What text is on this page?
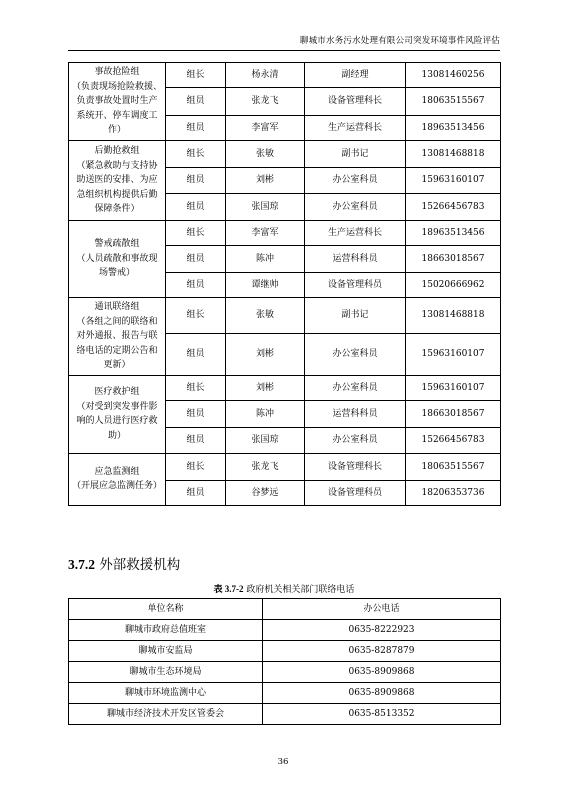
聊城市水务污水处理有限公司突发环境事件风险评估
事故抢险组
（负责现场抢险救援、
负责事故处置时生产
系统开、停车调度工
作）	组长	杨永清	副经理	13081460256
	组员	张龙飞	设备管理科长	18063515567
	组员	李富军	生产运营科长	18963513456

后勤抢救组
（紧急救助与支持协
助送医的安排、为应
急组织机构提供后勤
保障条件）	组长	张敏	副书记	13081468818
	组员	刘彬	办公室科员	15963160107
	组员	张国琼	办公室科员	15266456783

警戒疏散组
（人员疏散和事故现
场警戒）	组长	李富军	生产运营科长	18963513456
	组员	陈冲	运营科科员	18663018567
	组员	谭继帅	设备管理科员	15020666962

通讯联络组
（各组之间的联络和
对外通报、报告与联
络电话的定期公告和
更新）	组长	张敏	副书记	13081468818
	组员	刘彬	办公室科员	15963160107

医疗救护组
（对受到突发事件影
响的人员进行医疗救
助）	组长	刘彬	办公室科员	15963160107
	组员	陈冲	运营科科员	18663018567
	组员	张国琼	办公室科员	15266456783

应急监测组
（开展应急监测任务）	组长	张龙飞	设备管理科长	18063515567
	组员	谷梦远	设备管理科员	18206353736
3.7.2 外部救援机构
表 3.7-2 政府机关相关部门联络电话
单位名称	办公电话
聊城市政府总值班室	0635-8222923
聊城市安监局	0635-8287879
聊城市生态环境局	0635-8909868
聊城市环境监测中心	0635-8909868
聊城市经济技术开发区管委会	0635-8513352
36
